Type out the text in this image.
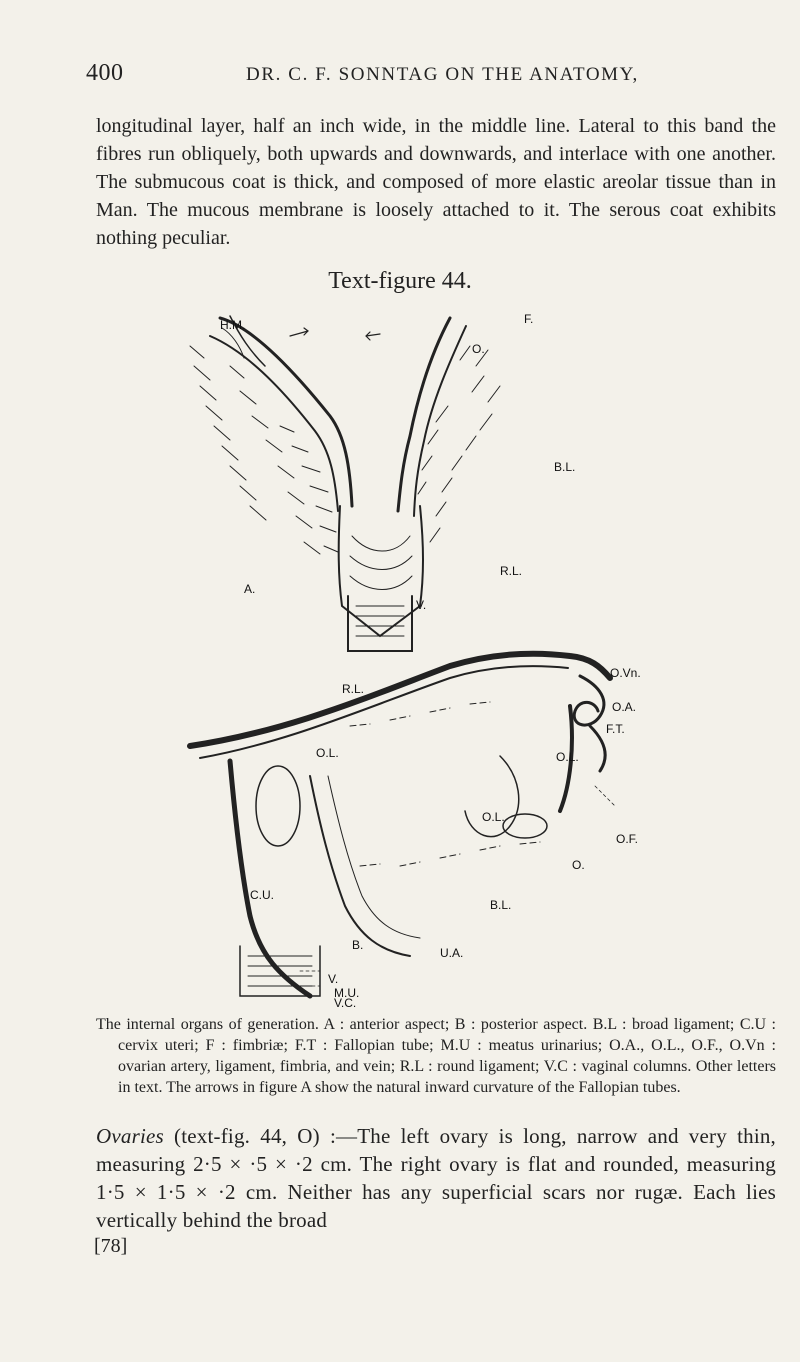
400	DR. C. F. SONNTAG ON THE ANATOMY,

longitudinal layer, half an inch wide, in the middle line. Lateral to this band the fibres run obliquely, both upwards and downwards, and interlace with one another. The submucous coat is thick, and composed of more elastic areolar tissue than in Man. The mucous membrane is loosely attached to it. The serous coat exhibits nothing peculiar.

Text-figure 44.
H.M.	F.
O.
B.L.
R.L.
A.
V.
R.L.
O.Vn.
O.A.
F.T.
O.L.	O.L.
O.L.
O.F.
O.
C.U.
B.L.
B.
U.A.
V.
M.U.
V.C.

The internal organs of generation. A : anterior aspect; B : posterior aspect. B.L : broad ligament; C.U : cervix uteri; F : fimbriæ; F.T : Fallopian tube; M.U : meatus urinarius; O.A., O.L., O.F., O.Vn : ovarian artery, ligament, fimbria, and vein; R.L : round ligament; V.C : vaginal columns. Other letters in text. The arrows in figure A show the natural inward curvature of the Fallopian tubes.

Ovaries (text-fig. 44, O) :—The left ovary is long, narrow and very thin, measuring 2·5 × ·5 × ·2 cm. The right ovary is flat and rounded, measuring 1·5 × 1·5 × ·2 cm. Neither has any superficial scars nor rugæ. Each lies vertically behind the broad

[78]
